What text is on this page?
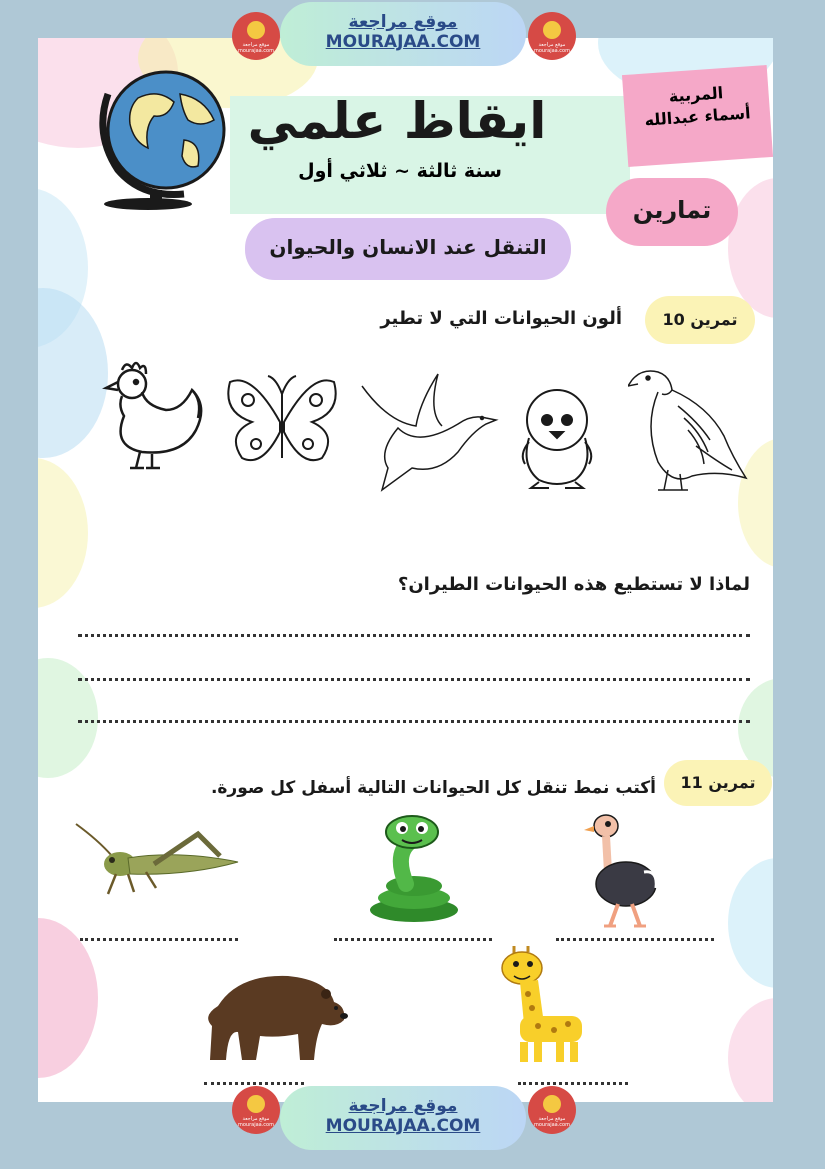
ايقاظ علمي
سنة ثالثة ~ ثلاثي أول
المربية
أسماء عبدالله
تمارين
التنقل عند الانسان والحيوان
تمرين 10
ألون الحيوانات التي لا تطير
لماذا لا تستطيع هذه الحيوانات الطيران؟
تمرين 11
أكتب نمط تنقل كل الحيوانات التالية أسفل كل صورة.
موقع مراجعة mourajaa.com
موقع مراجعة mourajaa.com
موقع مراجعة
MOURAJAA.COM
موقع مراجعة mourajaa.com
موقع مراجعة mourajaa.com
موقع مراجعة
MOURAJAA.COM
